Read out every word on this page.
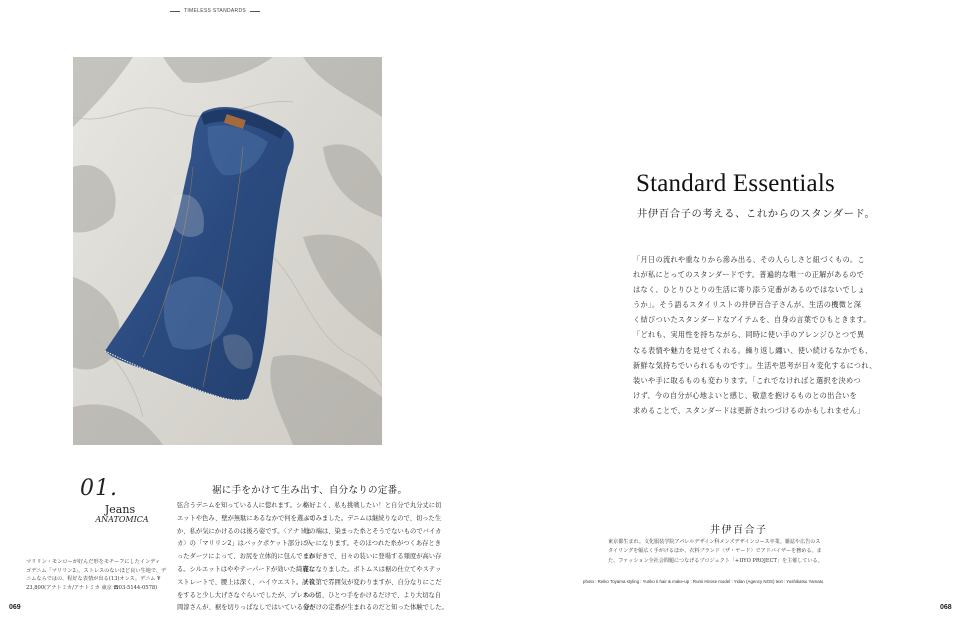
TIMELESS STANDARDS
01.
Jeans
ANATOMICA
マリリン・モンローが好んだ形をモチーフにしたインディ
ゴデニム「マリリン2」。ストレスのないほど良い生地で、デ
ニムならではの、程好な表情が出る(13)オンス。デニム ¥
23,800(アナトミカ/アナトミカ 東京 ☎03-5144-0578)
裾に手をかけて生み出す、自分なりの定番。

弦合うデニムを知っている人に惚れます。シル

エットや色み、壁が無駄にあるなかで何を選ぶの

か、私が気にかけるのは後ろ姿です。〈アナトミ

カ〉の「マリリン2」はバックポケット部分に入

ったダーツによって、お尻を立体的に包んでくれ

る。シルエットはややテーパードが効いた綺麗な

ストレートで、腰上は深く、ハイウエスト。試着

をすると少し大げさなぐらいでしたが、プレスの信

岡淳さんが、裾を切りっぱなしではいている姿が

格好よく、私も挑戦したい！と自分で丸分丈に切

ってみました。デニムは継続りなので、切った生

地の端は、染まった糸とそうでないものでバイカ

ラーになります。そのほつれた糸がつくあ存とき

まが好きで、日々の装いに登場する頻度が高い存

在になりました。ボトムスは裾の仕立てやステッ

チ次第で雰囲気が変わりますが、自分なりにこだ

わって、ひとつ手をかけるだけで、より大切な自

分だけの定番が生まれるのだと知った体験でした。

069	068
Standard Essentials
井伊百合子の考える、これからのスタンダード。

「月日の流れや重なりから滲み出る、その人らしさと紐づくもの。こ

れが私にとってのスタンダードです。普遍的な唯一の正解があるので

はなく、ひとりひとりの生活に寄り添う定番があるのではないでしょ

うか」。そう語るスタイリストの井伊百合子さんが、生活の機微と深

く結びついたスタンダードなアイテムを、自身の言葉でひもときます。

「どれも、実用性を持ちながら、同時に使い手のアレンジひとつで異

なる表情や魅力を見せてくれる。繰り返し纏い、使い続けるなかでも、

新鮮な気持ちでいられるものです」。生活や思考が日々変化するにつれ、

装いや手に取るものも変わります。「これでなければと選択を決めつ

けず、今の自分が心地よいと感じ、敬意を抱けるものとの出合いを

求めることで、スタンダードは更新されつづけるのかもしれません」

井伊百合子

東京都生まれ。文化服装学院アパレルデザイン科メンズデザインコース卒業。雑誌や広告のス

タイリングを幅広く手がけるほか、衣料ブランド〈ザ・ヤード〉でアドバイザーを務める。ま

た、ファッション全社会問題につなげるプロジェクト「+IIYO PROJECT」を主催している。

photo : Reiko Toyama styling : Yuriko Ii hair & make-up : Rumi Hirose model : Yidan (Agency NOS) text : Yoshikatsu Yamato
